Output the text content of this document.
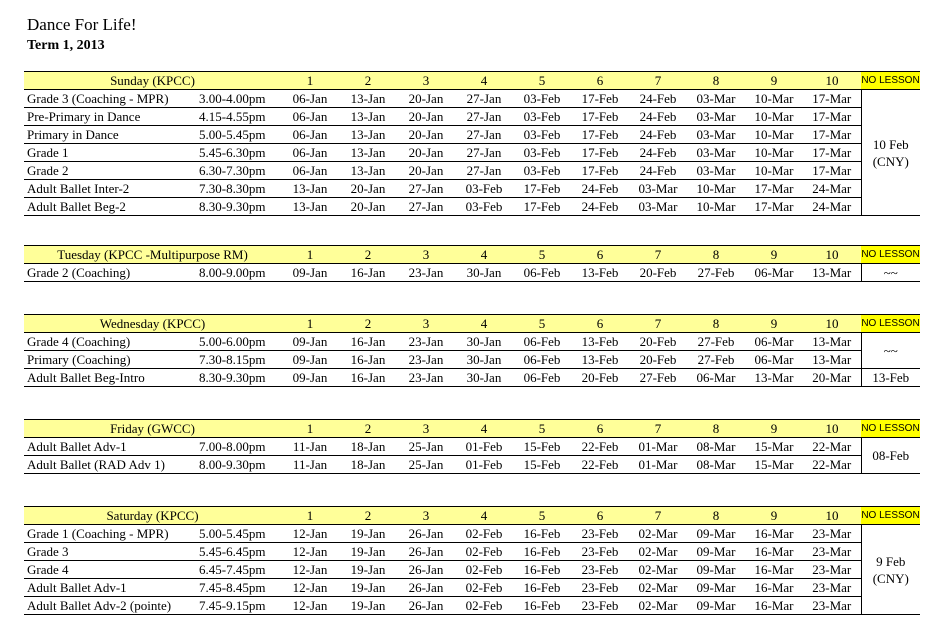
Dance For Life!
Term 1, 2013
Sunday (KPCC)		1	2	3	4	5	6	7	8	9	10	NO LESSON
Grade 3 (Coaching - MPR)	3.00-4.00pm	06-Jan	13-Jan	20-Jan	27-Jan	03-Feb	17-Feb	24-Feb	03-Mar	10-Mar	17-Mar	10 Feb
(CNY)

Pre-Primary in Dance	4.15-4.55pm	06-Jan	13-Jan	20-Jan	27-Jan	03-Feb	17-Feb	24-Feb	03-Mar	10-Mar	17-Mar	
Primary in Dance	5.00-5.45pm	06-Jan	13-Jan	20-Jan	27-Jan	03-Feb	17-Feb	24-Feb	03-Mar	10-Mar	17-Mar	
Grade 1	5.45-6.30pm	06-Jan	13-Jan	20-Jan	27-Jan	03-Feb	17-Feb	24-Feb	03-Mar	10-Mar	17-Mar	
Grade 2	6.30-7.30pm	06-Jan	13-Jan	20-Jan	27-Jan	03-Feb	17-Feb	24-Feb	03-Mar	10-Mar	17-Mar	
Adult Ballet Inter-2	7.30-8.30pm	13-Jan	20-Jan	27-Jan	03-Feb	17-Feb	24-Feb	03-Mar	10-Mar	17-Mar	24-Mar	
Adult Ballet Beg-2	8.30-9.30pm	13-Jan	20-Jan	27-Jan	03-Feb	17-Feb	24-Feb	03-Mar	10-Mar	17-Mar	24-Mar	
Tuesday (KPCC -Multipurpose RM)		1	2	3	4	5	6	7	8	9	10	NO LESSON
Grade 2 (Coaching)	8.00-9.00pm	09-Jan	16-Jan	23-Jan	30-Jan	06-Feb	13-Feb	20-Feb	27-Feb	06-Mar	13-Mar	~~
Wednesday (KPCC)		1	2	3	4	5	6	7	8	9	10	NO LESSON
Grade 4 (Coaching)	5.00-6.00pm	09-Jan	16-Jan	23-Jan	30-Jan	06-Feb	13-Feb	20-Feb	27-Feb	06-Mar	13-Mar	~~

Primary (Coaching)	7.30-8.15pm	09-Jan	16-Jan	23-Jan	30-Jan	06-Feb	13-Feb	20-Feb	27-Feb	06-Mar	13-Mar	
Adult Ballet Beg-Intro	8.30-9.30pm	09-Jan	16-Jan	23-Jan	30-Jan	06-Feb	20-Feb	27-Feb	06-Mar	13-Mar	20-Mar	13-Feb
Friday (GWCC)		1	2	3	4	5	6	7	8	9	10	NO LESSON
Adult Ballet Adv-1	7.00-8.00pm	11-Jan	18-Jan	25-Jan	01-Feb	15-Feb	22-Feb	01-Mar	08-Mar	15-Mar	22-Mar	08-Feb

Adult Ballet (RAD Adv 1)	8.00-9.30pm	11-Jan	18-Jan	25-Jan	01-Feb	15-Feb	22-Feb	01-Mar	08-Mar	15-Mar	22-Mar	
Saturday (KPCC)		1	2	3	4	5	6	7	8	9	10	NO LESSON
Grade 1 (Coaching - MPR)	5.00-5.45pm	12-Jan	19-Jan	26-Jan	02-Feb	16-Feb	23-Feb	02-Mar	09-Mar	16-Mar	23-Mar	9 Feb
(CNY)

Grade 3	5.45-6.45pm	12-Jan	19-Jan	26-Jan	02-Feb	16-Feb	23-Feb	02-Mar	09-Mar	16-Mar	23-Mar	
Grade 4	6.45-7.45pm	12-Jan	19-Jan	26-Jan	02-Feb	16-Feb	23-Feb	02-Mar	09-Mar	16-Mar	23-Mar	
Adult Ballet Adv-1	7.45-8.45pm	12-Jan	19-Jan	26-Jan	02-Feb	16-Feb	23-Feb	02-Mar	09-Mar	16-Mar	23-Mar	
Adult Ballet Adv-2 (pointe)	7.45-9.15pm	12-Jan	19-Jan	26-Jan	02-Feb	16-Feb	23-Feb	02-Mar	09-Mar	16-Mar	23-Mar	
